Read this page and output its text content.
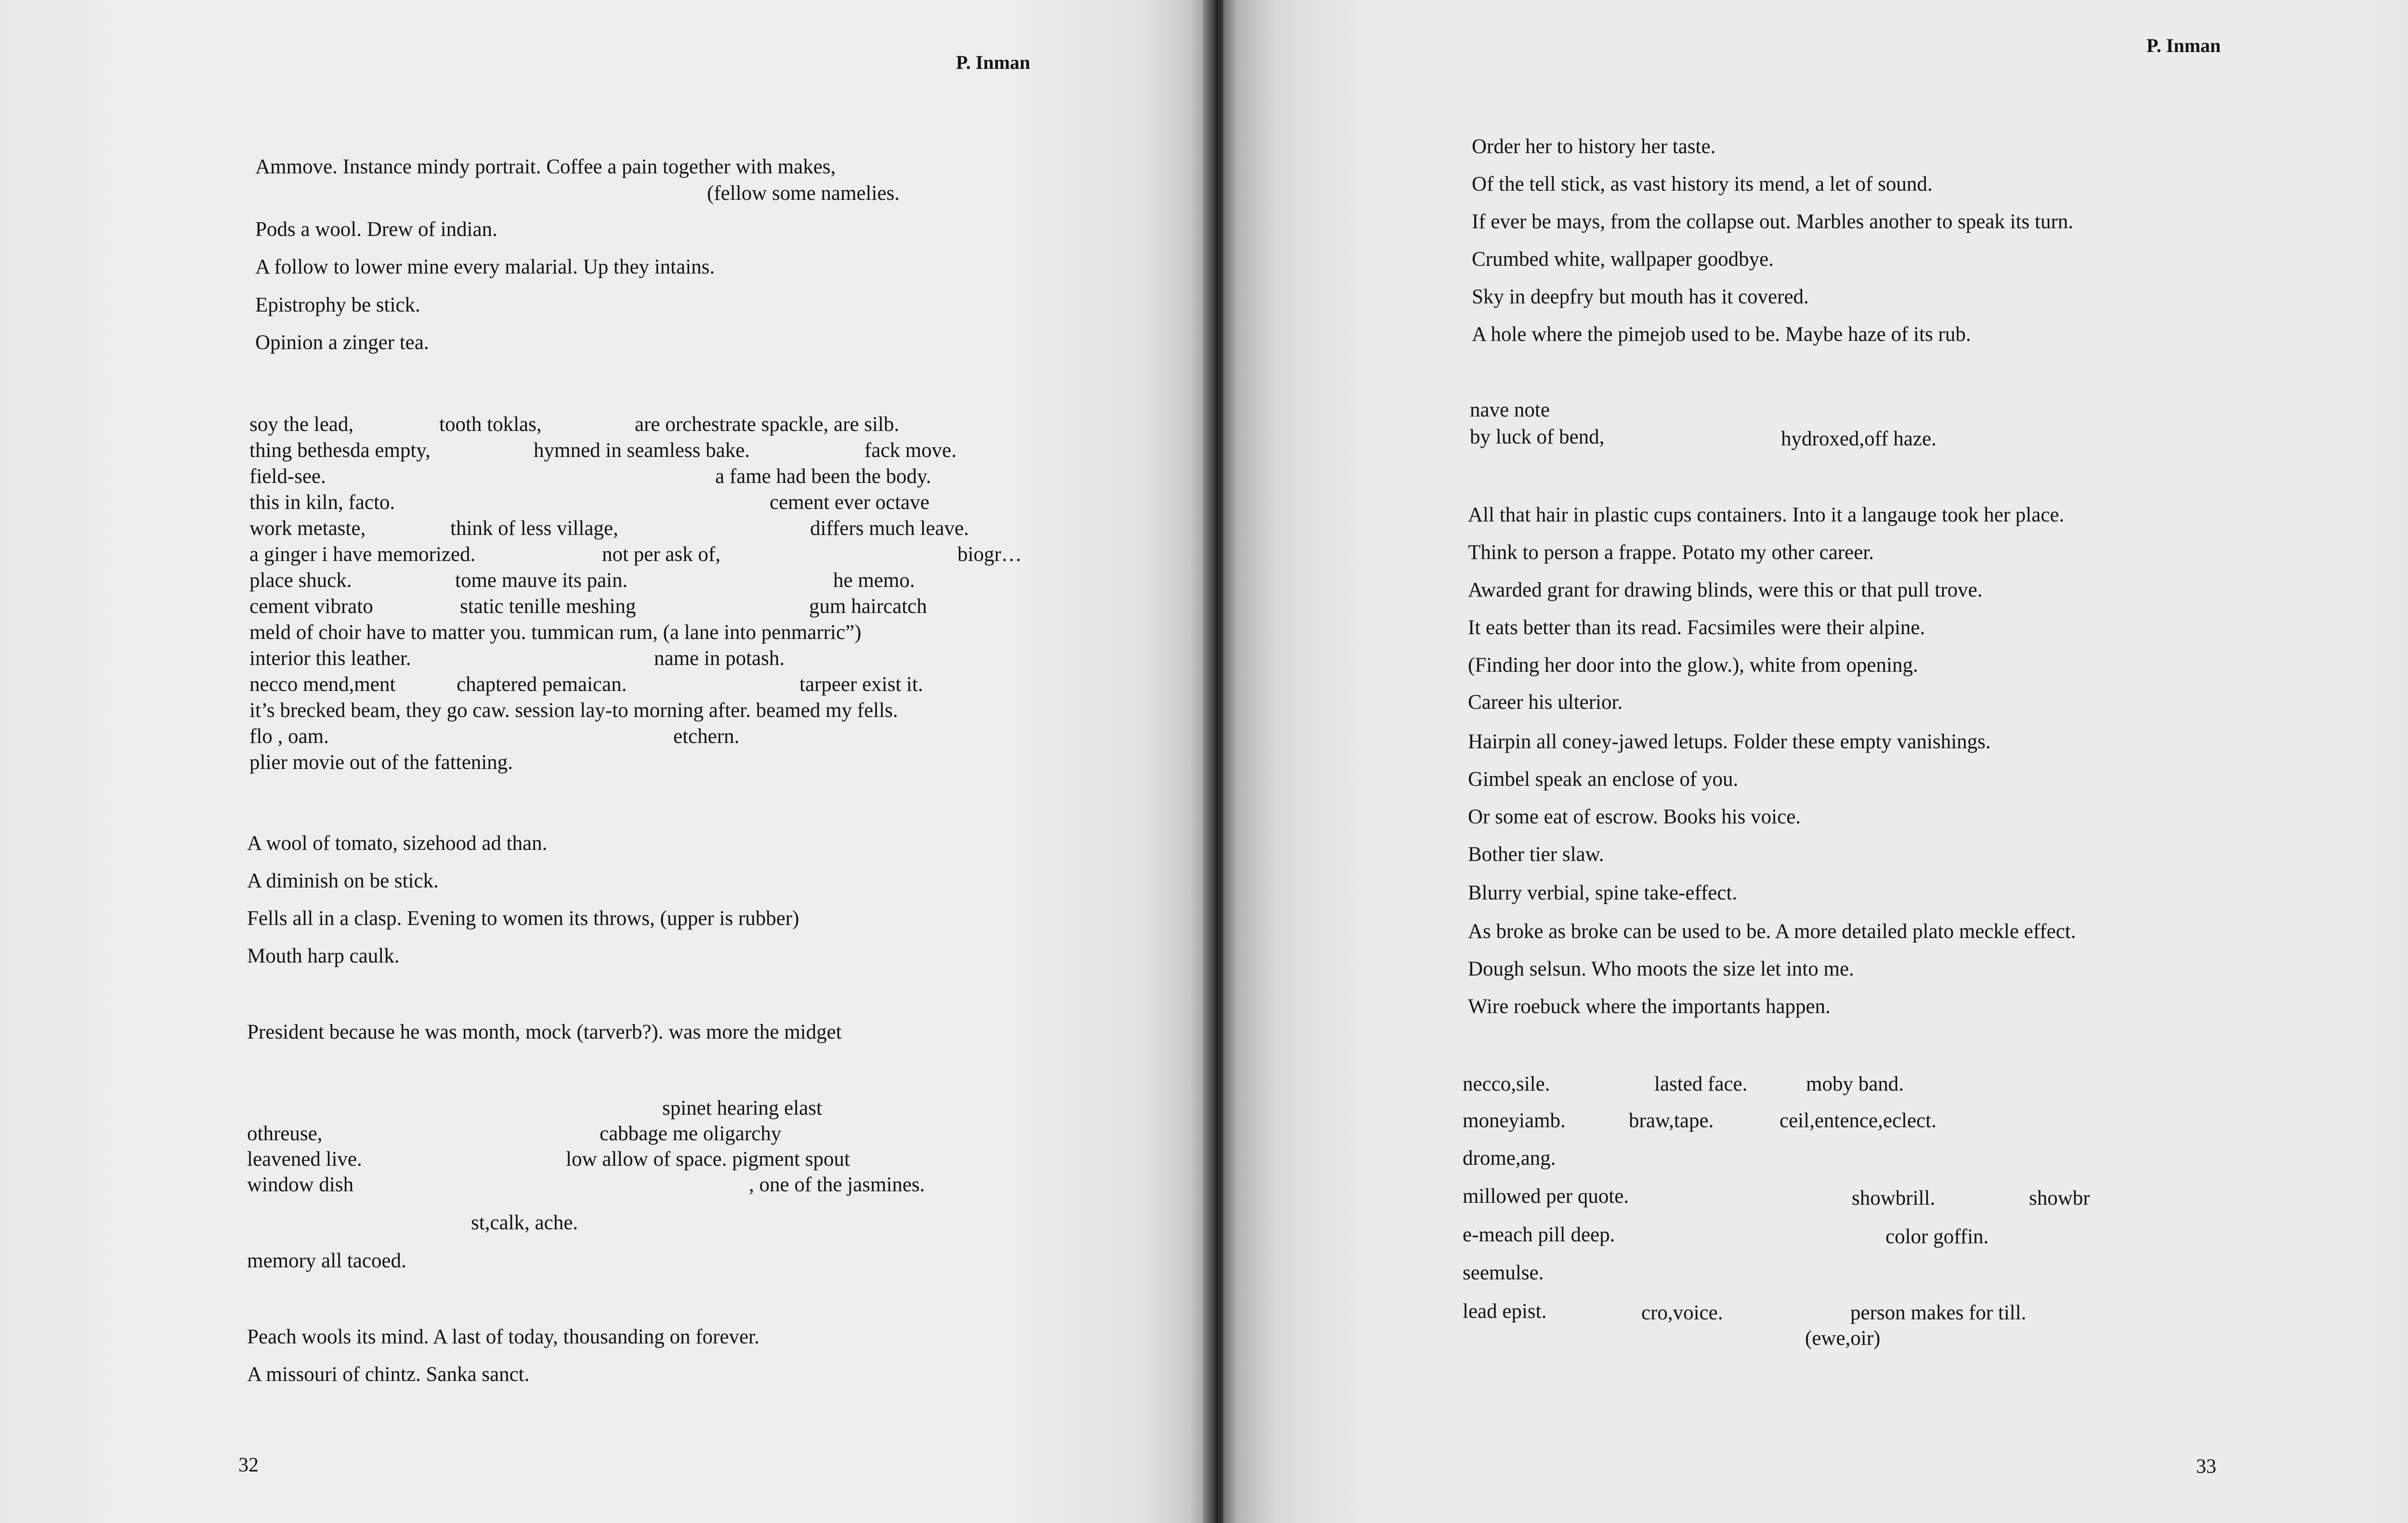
P. Inman
Ammove. Instance mindy portrait. Coffee a pain together with makes,
(fellow some namelies.
Pods a wool. Drew of indian.
A follow to lower mine every malarial. Up they intains.
Epistrophy be stick.
Opinion a zinger tea.
soy the lead,	tooth toklas,	are orchestrate spackle, are silb.
thing bethesda empty,	hymned in seamless bake.	fack move.
field-see.	a fame had been the body.
this in kiln, facto.	cement ever octave
work metaste,	think of less village,	differs much leave.
a ginger i have memorized.	not per ask of,	biogr…
place shuck.	tome mauve its pain.	he memo.
cement vibrato	static tenille meshing	gum haircatch
meld of choir have to matter you. tummican rum, (a lane into penmarric”)
interior this leather.	name in potash.
necco mend,ment	chaptered pemaican.	tarpeer exist it.
it’s brecked beam, they go caw. session lay-to morning after. beamed my fells.
flo , oam.	etchern.
plier movie out of the fattening.
A wool of tomato, sizehood ad than.
A diminish on be stick.
Fells all in a clasp. Evening to women its throws, (upper is rubber)
Mouth harp caulk.
President because he was month, mock (tarverb?). was more the midget
spinet hearing elast
othreuse,	cabbage me oligarchy
leavened live.	low allow of space. pigment spout
window dish	, one of the jasmines.
st,calk, ache.
memory all tacoed.
Peach wools its mind. A last of today, thousanding on forever.
A missouri of chintz. Sanka sanct.
32
P. Inman
Order her to history her taste.
Of the tell stick, as vast history its mend, a let of sound.
If ever be mays, from the collapse out. Marbles another to speak its turn.
Crumbed white, wallpaper goodbye.
Sky in deepfry but mouth has it covered.
A hole where the pimejob used to be. Maybe haze of its rub.
nave note
by luck of bend,	hydroxed,off haze.
All that hair in plastic cups containers. Into it a langauge took her place.
Think to person a frappe. Potato my other career.
Awarded grant for drawing blinds, were this or that pull trove.
It eats better than its read. Facsimiles were their alpine.
(Finding her door into the glow.), white from opening.
Career his ulterior.
Hairpin all coney-jawed letups. Folder these empty vanishings.
Gimbel speak an enclose of you.
Or some eat of escrow. Books his voice.
Bother tier slaw.
Blurry verbial, spine take-effect.
As broke as broke can be used to be. A more detailed plato meckle effect.
Dough selsun. Who moots the size let into me.
Wire roebuck where the importants happen.
necco,sile.	lasted face.	moby band.
moneyiamb.	braw,tape.	ceil,entence,eclect.
drome,ang.
millowed per quote.	showbrill.	showbr
e-meach pill deep.	color goffin.
seemulse.
lead epist.	cro,voice.	person makes for till.
(ewe,oir)
33
